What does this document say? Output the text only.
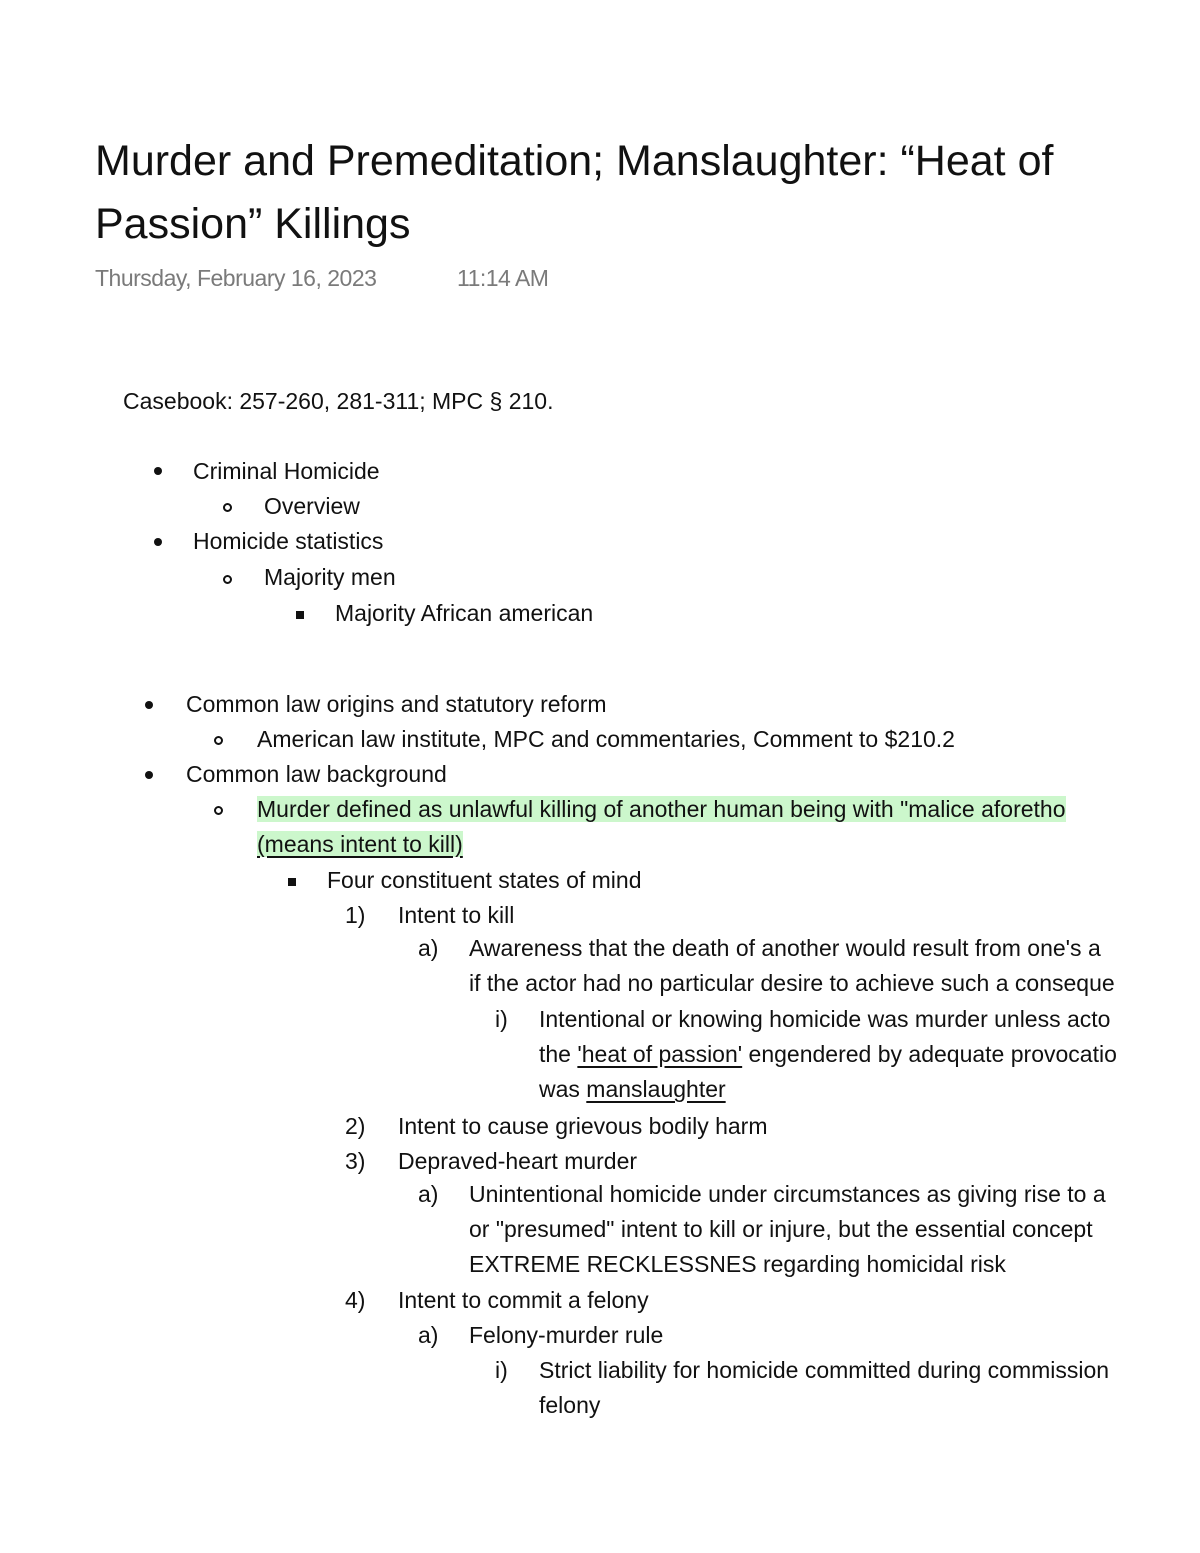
Murder and Premeditation; Manslaughter: “Heat of
Passion” Killings
Thursday, February 16, 2023	11:14 AM
Casebook: 257-260, 281-311; MPC § 210.
Criminal Homicide
Overview
Homicide statistics
Majority men
Majority African american
Common law origins and statutory reform
American law institute, MPC and commentaries, Comment to $210.2
Common law background
Murder defined as unlawful killing of another human being with "malice aforetho
(means intent to kill)
Four constituent states of mind
1) Intent to kill
a) Awareness that the death of another would result from one's a
if the actor had no particular desire to achieve such a conseque
i) Intentional or knowing homicide was murder unless acto
the 'heat of passion' engendered by adequate provocatio
was manslaughter
2) Intent to cause grievous bodily harm
3) Depraved-heart murder
a) Unintentional homicide under circumstances as giving rise to a
or "presumed" intent to kill or injure, but the essential concept
EXTREME RECKLESSNES regarding homicidal risk
4) Intent to commit a felony
a) Felony-murder rule
i) Strict liability for homicide committed during commission
felony
